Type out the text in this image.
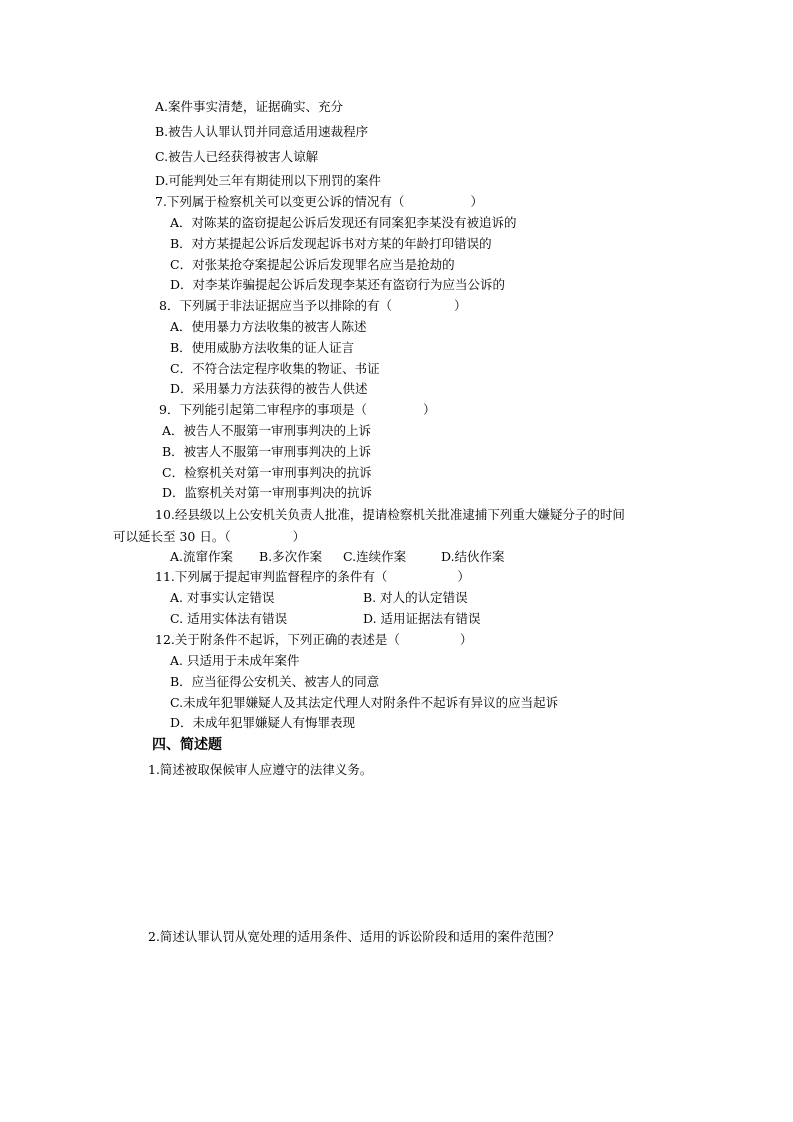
A.案件事实清楚，证据确实、充分
B.被告人认罪认罚并同意适用速裁程序
C.被告人已经获得被害人谅解
D.可能判处三年有期徒刑以下刑罚的案件
7.下列属于检察机关可以变更公诉的情况有（	）
A．对陈某的盗窃提起公诉后发现还有同案犯李某没有被追诉的
B．对方某提起公诉后发现起诉书对方某的年龄打印错误的
C．对张某抢夺案提起公诉后发现罪名应当是抢劫的
D．对李某诈骗提起公诉后发现李某还有盗窃行为应当公诉的
8．下列属于非法证据应当予以排除的有（	）
A．使用暴力方法收集的被害人陈述
B．使用威胁方法收集的证人证言
C．不符合法定程序收集的物证、书证
D．采用暴力方法获得的被告人供述
9．下列能引起第二审程序的事项是（	）
A．被告人不服第一审刑事判决的上诉
B．被害人不服第一审刑事判决的上诉
C．检察机关对第一审刑事判决的抗诉
D．监察机关对第一审刑事判决的抗诉
10.经县级以上公安机关负责人批准，提请检察机关批准逮捕下列重大嫌疑分子的时间
可以延长至 30 日。（	）
A.流窜作案 B.多次作案 C.连续作案	D.结伙作案
11.下列属于提起审判监督程序的条件有（	）
A. 对事实认定错误	B. 对人的认定错误
C. 适用实体法有错误	D. 适用证据法有错误
12.关于附条件不起诉，下列正确的表述是（	）
A. 只适用于未成年案件
B．应当征得公安机关、被害人的同意
C.未成年犯罪嫌疑人及其法定代理人对附条件不起诉有异议的应当起诉
D．未成年犯罪嫌疑人有悔罪表现
四、简述题
1.简述被取保候审人应遵守的法律义务。
2.简述认罪认罚从宽处理的适用条件、适用的诉讼阶段和适用的案件范围？
